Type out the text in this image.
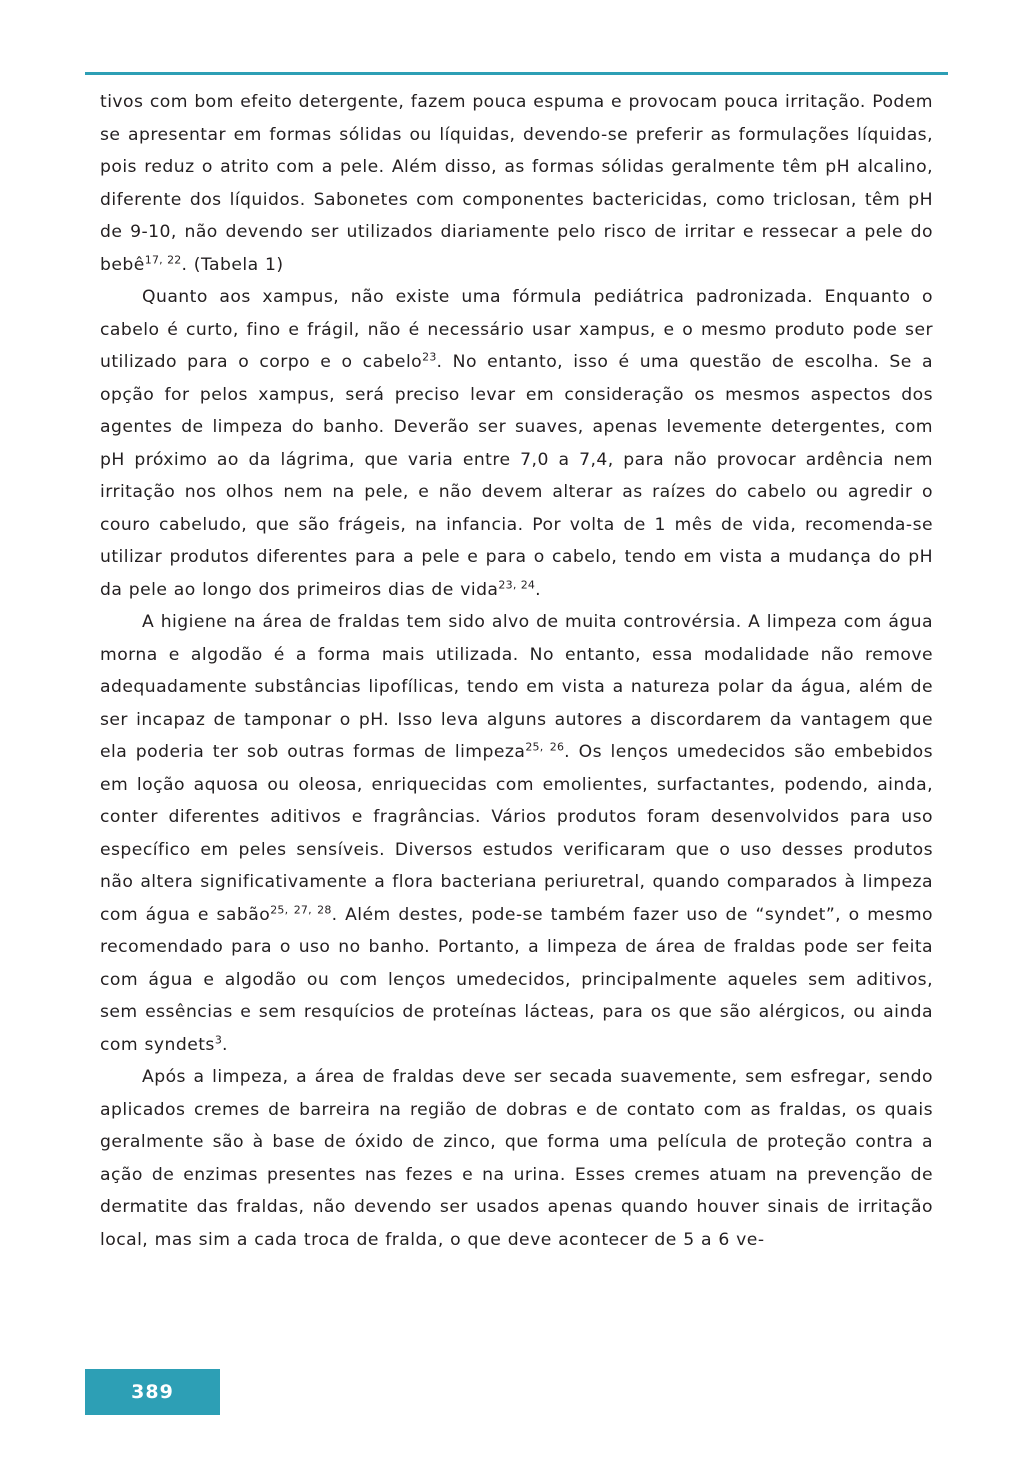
tivos com bom efeito detergente, fazem pouca espuma e provocam pouca irritação. Podem se apresentar em formas sólidas ou líquidas, devendo-se preferir as formulações líquidas, pois reduz o atrito com a pele. Além disso, as formas sólidas geralmente têm pH alcalino, diferente dos líquidos. Sabonetes com componentes bactericidas, como triclosan, têm pH de 9-10, não devendo ser utilizados diariamente pelo risco de irritar e ressecar a pele do bebê$^{17, 22}$. (Tabela 1)

Quanto aos xampus, não existe uma fórmula pediátrica padronizada. Enquanto o cabelo é curto, fino e frágil, não é necessário usar xampus, e o mesmo produto pode ser utilizado para o corpo e o cabelo$^{23}$. No entanto, isso é uma questão de escolha. Se a opção for pelos xampus, será preciso levar em consideração os mesmos aspectos dos agentes de limpeza do banho. Deverão ser suaves, apenas levemente detergentes, com pH próximo ao da lágrima, que varia entre 7,0 a 7,4, para não provocar ardência nem irritação nos olhos nem na pele, e não devem alterar as raízes do cabelo ou agredir o couro cabeludo, que são frágeis, na infancia. Por volta de 1 mês de vida, recomenda-se utilizar produtos diferentes para a pele e para o cabelo, tendo em vista a mudança do pH da pele ao longo dos primeiros dias de vida$^{23, 24}$.

A higiene na área de fraldas tem sido alvo de muita controvérsia. A limpeza com água morna e algodão é a forma mais utilizada. No entanto, essa modalidade não remove adequadamente substâncias lipofílicas, tendo em vista a natureza polar da água, além de ser incapaz de tamponar o pH. Isso leva alguns autores a discordarem da vantagem que ela poderia ter sob outras formas de limpeza$^{25, 26}$. Os lenços umedecidos são embebidos em loção aquosa ou oleosa, enriquecidas com emolientes, surfactantes, podendo, ainda, conter diferentes aditivos e fragrâncias. Vários produtos foram desenvolvidos para uso específico em peles sensíveis. Diversos estudos verificaram que o uso desses produtos não altera significativamente a flora bacteriana periuretral, quando comparados à limpeza com água e sabão$^{25, 27, 28}$. Além destes, pode-se também fazer uso de “syndet”, o mesmo recomendado para o uso no banho. Portanto, a limpeza de área de fraldas pode ser feita com água e algodão ou com lenços umedecidos, principalmente aqueles sem aditivos, sem essências e sem resquícios de proteínas lácteas, para os que são alérgicos, ou ainda com syndets$^3$.

Após a limpeza, a área de fraldas deve ser secada suavemente, sem esfregar, sendo aplicados cremes de barreira na região de dobras e de contato com as fraldas, os quais geralmente são à base de óxido de zinco, que forma uma película de proteção contra a ação de enzimas presentes nas fezes e na urina. Esses cremes atuam na prevenção de dermatite das fraldas, não devendo ser usados apenas quando houver sinais de irritação local, mas sim a cada troca de fralda, o que deve acontecer de 5 a 6 ve-

389
